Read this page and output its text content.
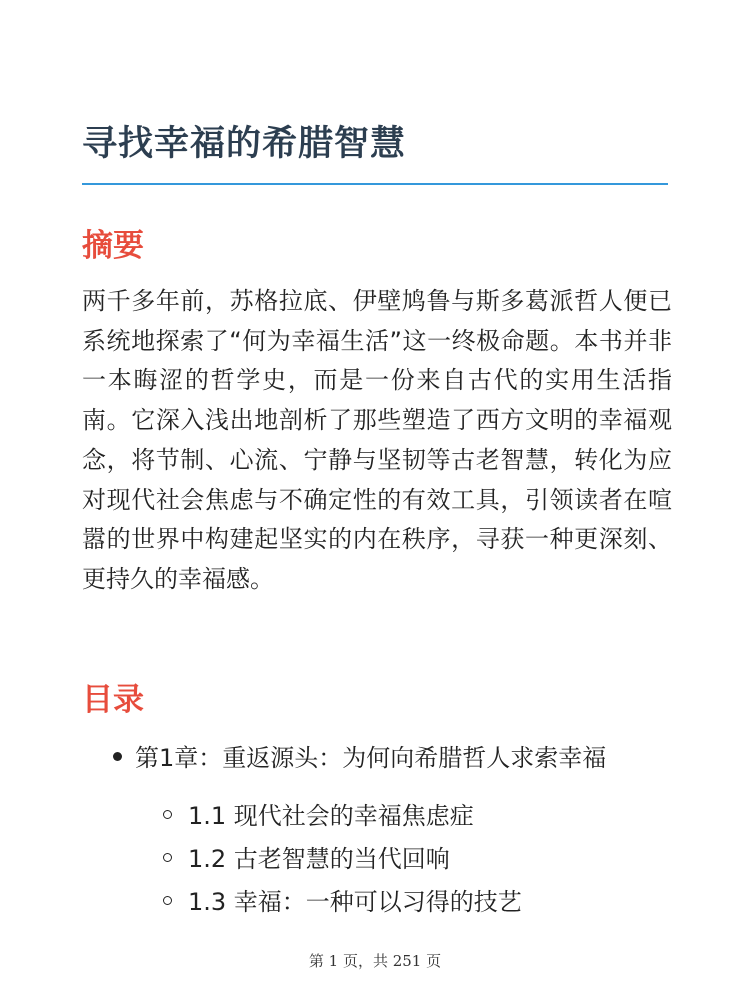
寻找幸福的希腊智慧
摘要

两千多年前，苏格拉底、伊壁鸠鲁与斯多葛派哲人便已系统地探索了“何为幸福生活”这一终极命题。本书并非一本晦涩的哲学史，而是一份来自古代的实用生活指南。它深入浅出地剖析了那些塑造了西方文明的幸福观念，将节制、心流、宁静与坚韧等古老智慧，转化为应对现代社会焦虑与不确定性的有效工具，引领读者在喧嚣的世界中构建起坚实的内在秩序，寻获一种更深刻、更持久的幸福感。

目录
第1章：重返源头：为何向希腊哲人求索幸福
1.1 现代社会的幸福焦虑症
1.2 古老智慧的当代回响
1.3 幸福：一种可以习得的技艺
第 1 页，共 251 页
